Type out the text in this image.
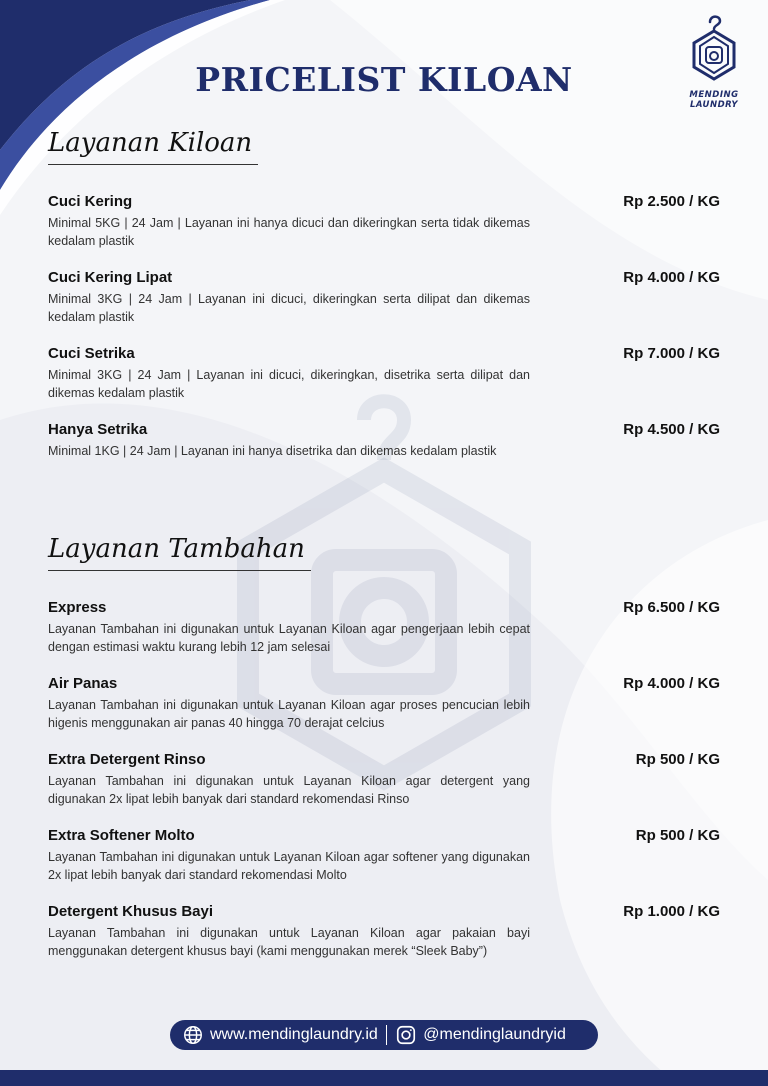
PRICELIST KILOAN	MENDING LAUNDRY
Layanan Kiloan
Cuci Kering	Rp 2.500 / KG
Minimal 5KG | 24 Jam | Layanan ini hanya dicuci dan dikeringkan serta tidak dikemas kedalam plastik
Cuci Kering Lipat	Rp 4.000 / KG
Minimal 3KG | 24 Jam | Layanan ini dicuci, dikeringkan serta dilipat dan dikemas kedalam plastik
Cuci Setrika	Rp 7.000 / KG
Minimal 3KG | 24 Jam | Layanan ini dicuci, dikeringkan, disetrika serta dilipat dan dikemas kedalam plastik
Hanya Setrika	Rp 4.500 / KG
Minimal 1KG | 24 Jam | Layanan ini hanya disetrika dan dikemas kedalam plastik
Layanan Tambahan
Express	Rp 6.500 / KG
Layanan Tambahan ini digunakan untuk Layanan Kiloan agar pengerjaan lebih cepat dengan estimasi waktu kurang lebih 12 jam selesai
Air Panas	Rp 4.000 / KG
Layanan Tambahan ini digunakan untuk Layanan Kiloan agar proses pencucian lebih higenis menggunakan air panas 40 hingga 70 derajat celcius
Extra Detergent Rinso	Rp 500 / KG
Layanan Tambahan ini digunakan untuk Layanan Kiloan agar detergent yang digunakan 2x lipat lebih banyak dari standard rekomendasi Rinso
Extra Softener Molto	Rp 500 / KG
Layanan Tambahan ini digunakan untuk Layanan Kiloan agar softener yang digunakan 2x lipat lebih banyak dari standard rekomendasi Molto
Detergent Khusus Bayi	Rp 1.000 / KG
Layanan Tambahan ini digunakan untuk Layanan Kiloan agar pakaian bayi menggunakan detergent khusus bayi (kami menggunakan merek “Sleek Baby”)
www.mendinglaundry.id	@mendinglaundryid
